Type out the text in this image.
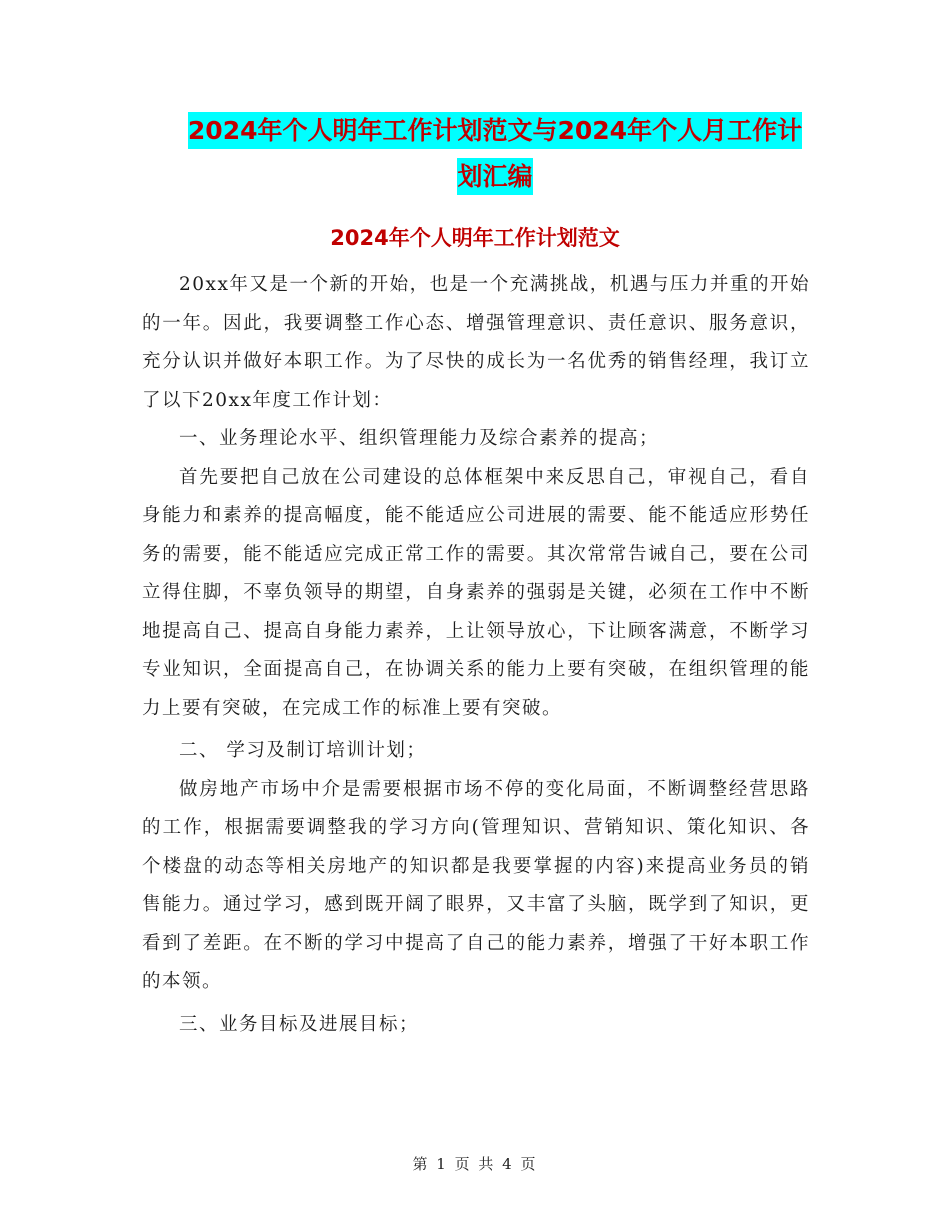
2024年个人明年工作计划范文与2024年个人月工作计
划汇编
2024年个人明年工作计划范文

20xx年又是一个新的开始，也是一个充满挑战，机遇与压力并重的开始的一年。因此，我要调整工作心态、增强管理意识、责任意识、服务意识，充分认识并做好本职工作。为了尽快的成长为一名优秀的销售经理，我订立了以下20xx年度工作计划：

一、业务理论水平、组织管理能力及综合素养的提高；

首先要把自己放在公司建设的总体框架中来反思自己，审视自己，看自身能力和素养的提高幅度，能不能适应公司进展的需要、能不能适应形势任务的需要，能不能适应完成正常工作的需要。其次常常告诫自己，要在公司立得住脚，不辜负领导的期望，自身素养的强弱是关键，必须在工作中不断地提高自己、提高自身能力素养，上让领导放心，下让顾客满意，不断学习专业知识，全面提高自己，在协调关系的能力上要有突破，在组织管理的能力上要有突破，在完成工作的标准上要有突破。

二、 学习及制订培训计划；

做房地产市场中介是需要根据市场不停的变化局面，不断调整经营思路的工作，根据需要调整我的学习方向(管理知识、营销知识、策化知识、各个楼盘的动态等相关房地产的知识都是我要掌握的内容)来提高业务员的销售能力。通过学习，感到既开阔了眼界，又丰富了头脑，既学到了知识，更看到了差距。在不断的学习中提高了自己的能力素养，增强了干好本职工作的本领。

三、业务目标及进展目标；

第 1 页 共 4 页
